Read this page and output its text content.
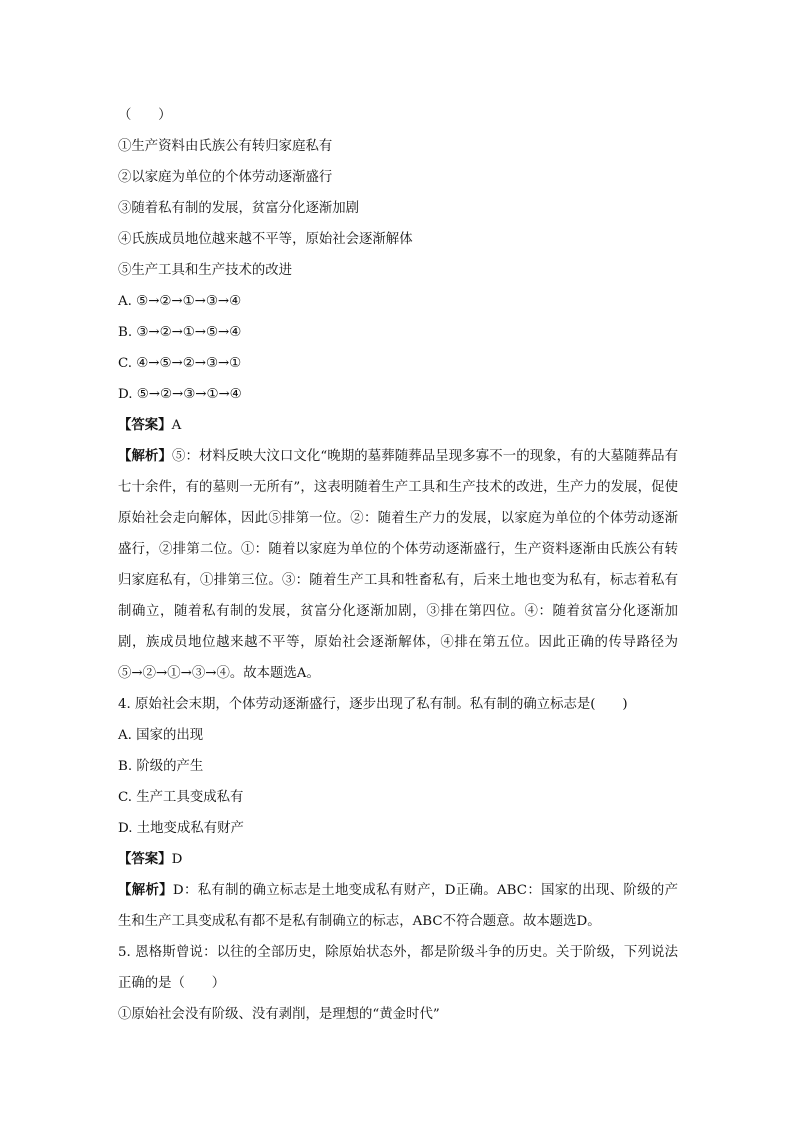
（　　）
①生产资料由氏族公有转归家庭私有
②以家庭为单位的个体劳动逐渐盛行
③随着私有制的发展，贫富分化逐渐加剧
④氏族成员地位越来越不平等，原始社会逐渐解体
⑤生产工具和生产技术的改进
A. ⑤→②→①→③→④
B. ③→②→①→⑤→④
C. ④→⑤→②→③→①
D. ⑤→②→③→①→④
【答案】A
【解析】⑤：材料反映大汶口文化“晚期的墓葬随葬品呈现多寡不一的现象，有的大墓随葬品有七十余件，有的墓则一无所有”，这表明随着生产工具和生产技术的改进，生产力的发展，促使原始社会走向解体，因此⑤排第一位。②：随着生产力的发展，以家庭为单位的个体劳动逐渐盛行，②排第二位。①：随着以家庭为单位的个体劳动逐渐盛行，生产资料逐渐由氏族公有转归家庭私有，①排第三位。③：随着生产工具和牲畜私有，后来土地也变为私有，标志着私有制确立，随着私有制的发展，贫富分化逐渐加剧，③排在第四位。④：随着贫富分化逐渐加剧，族成员地位越来越不平等，原始社会逐渐解体，④排在第五位。因此正确的传导路径为⑤→②→①→③→④。故本题选A。
4. 原始社会末期，个体劳动逐渐盛行，逐步出现了私有制。私有制的确立标志是(　　)
A. 国家的出现
B. 阶级的产生
C. 生产工具变成私有
D. 土地变成私有财产
【答案】D
【解析】D：私有制的确立标志是土地变成私有财产，D正确。ABC：国家的出现、阶级的产生和生产工具变成私有都不是私有制确立的标志，ABC不符合题意。故本题选D。
5. 恩格斯曾说：以往的全部历史，除原始状态外，都是阶级斗争的历史。关于阶级，下列说法正确的是（　　）
①原始社会没有阶级、没有剥削，是理想的“黄金时代”
